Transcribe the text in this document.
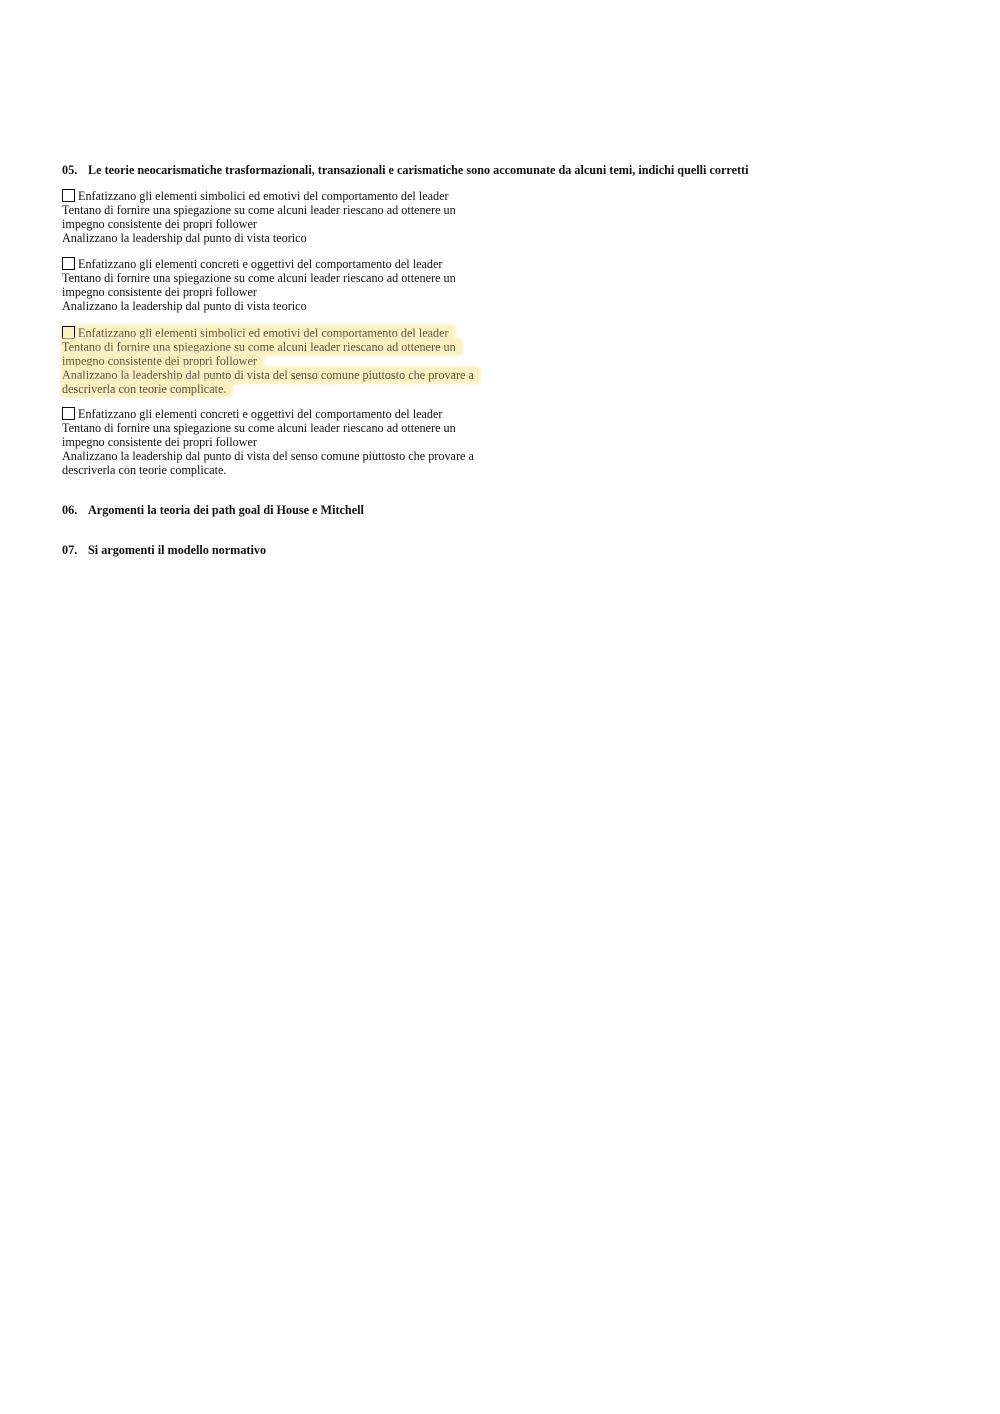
05. Le teorie neocarismatiche trasformazionali, transazionali e carismatiche sono accomunate da alcuni temi, indichi quelli corretti
Enfatizzano gli elementi simbolici ed emotivi del comportamento del leader
Tentano di fornire una spiegazione su come alcuni leader riescano ad ottenere un
impegno consistente dei propri follower
Analizzano la leadership dal punto di vista teorico
Enfatizzano gli elementi concreti e oggettivi del comportamento del leader
Tentano di fornire una spiegazione su come alcuni leader riescano ad ottenere un
impegno consistente dei propri follower
Analizzano la leadership dal punto di vista teorico
Enfatizzano gli elementi simbolici ed emotivi del comportamento del leader
Tentano di fornire una spiegazione su come alcuni leader riescano ad ottenere un
impegno consistente dei propri follower
Analizzano la leadership dal punto di vista del senso comune piuttosto che provare a
descriverla con teorie complicate.
Enfatizzano gli elementi concreti e oggettivi del comportamento del leader
Tentano di fornire una spiegazione su come alcuni leader riescano ad ottenere un
impegno consistente dei propri follower
Analizzano la leadership dal punto di vista del senso comune piuttosto che provare a
descriverla con teorie complicate.
06. Argomenti la teoria dei path goal di House e Mitchell
07. Si argomenti il modello normativo
